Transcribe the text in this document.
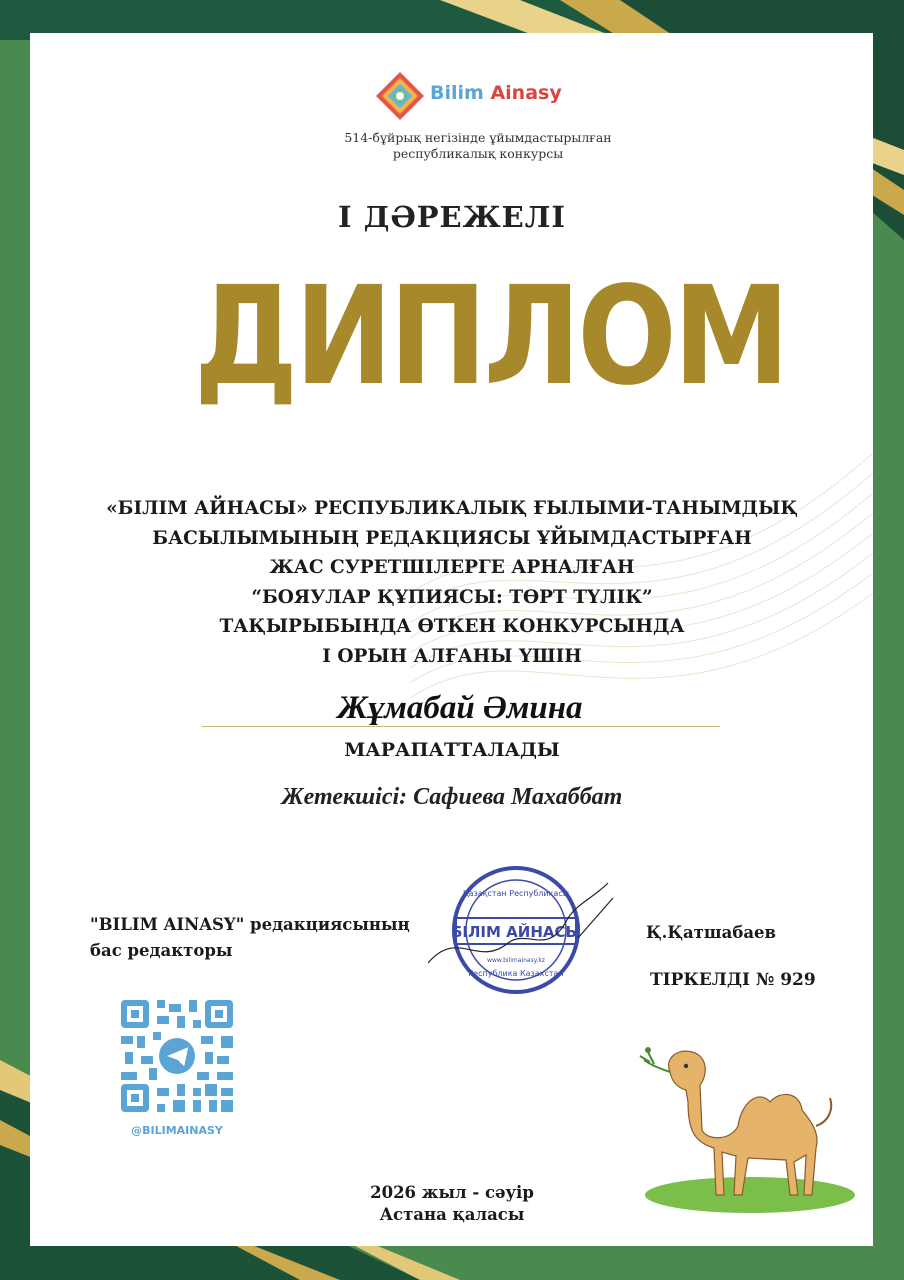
Bilim Ainasy
514-бұйрық негізінде ұйымдастырылған
республикалық конкурсы
I ДӘРЕЖЕЛІ
ДИПЛОМ
«БІЛІМ АЙНАСЫ» РЕСПУБЛИКАЛЫҚ ҒЫЛЫМИ-ТАНЫМДЫҚ
БАСЫЛЫМЫНЫҢ РЕДАКЦИЯСЫ ҰЙЫМДАСТЫРҒАН
ЖАС СУРЕТШІЛЕРГЕ АРНАЛҒАН
“БОЯУЛАР ҚҰПИЯСЫ: ТӨРТ ТҮЛІК”
ТАҚЫРЫБЫНДА ӨТКЕН КОНКУРСЫНДА
I ОРЫН АЛҒАНЫ ҮШІН
Жұмабай Әмина
МАРАПАТТАЛАДЫ
Жетекшісі: Сафиева Махаббат
"BILIM AINASY" редакциясының
бас редакторы
БІЛІМ АЙНАСЫ
Қазақстан Республикасы
www.bilimainasy.kz
Республика Казахстан
Қ.Қатшабаев
ТІРКЕЛДІ № 929
@BILIMAINASY
2026 жыл - сәуір
Астана қаласы
